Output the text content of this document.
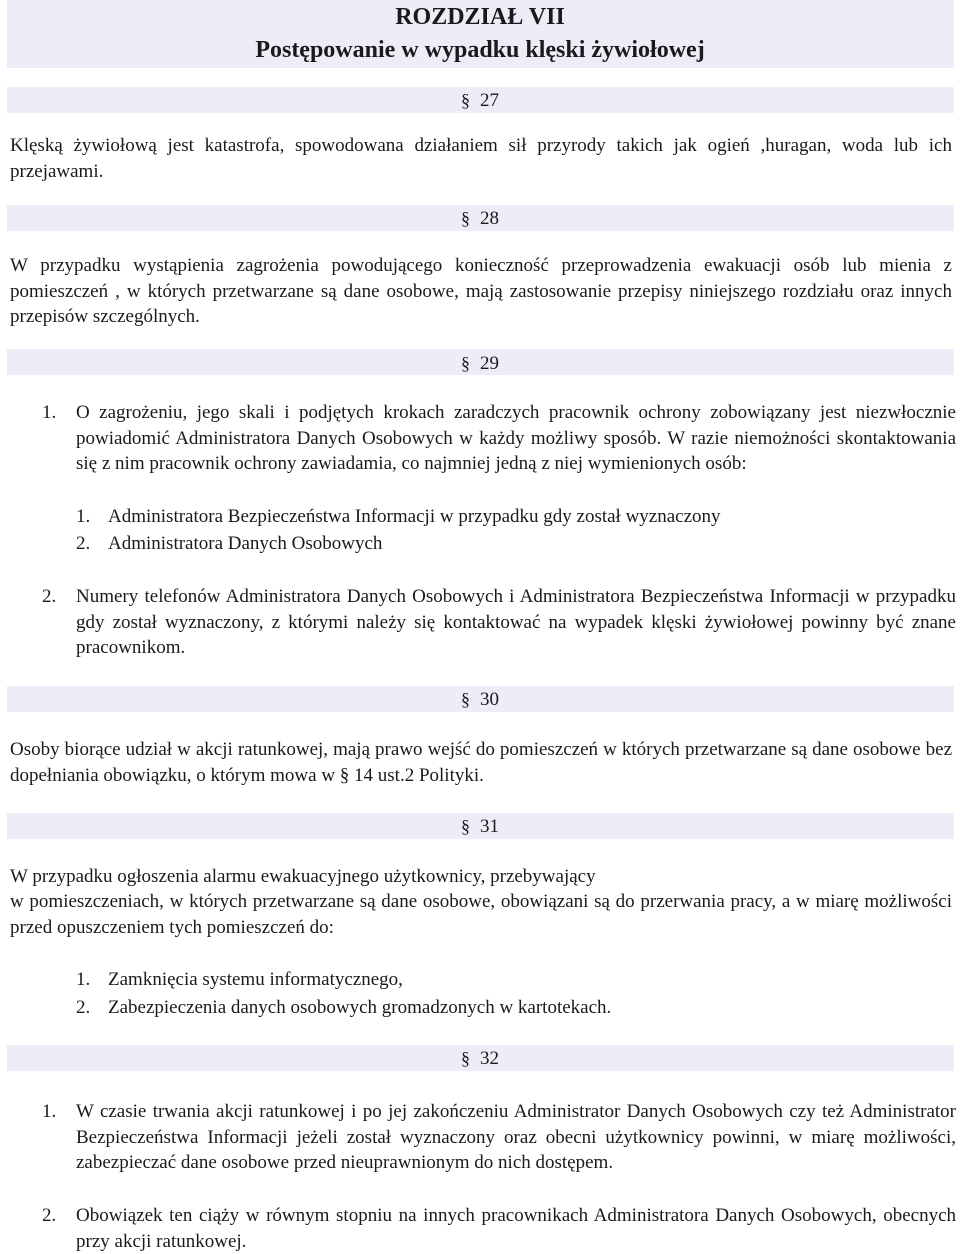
ROZDZIAŁ VII
Postępowanie w wypadku klęski żywiołowej
§ 27
Klęską żywiołową jest katastrofa, spowodowana działaniem sił przyrody takich jak ogień ,huragan, woda lub ich przejawami.
§ 28
W przypadku wystąpienia zagrożenia powodującego konieczność przeprowadzenia ewakuacji osób lub mienia z pomieszczeń , w których przetwarzane są dane osobowe, mają zastosowanie przepisy niniejszego rozdziału oraz innych przepisów szczególnych.
§ 29
1. O zagrożeniu, jego skali i podjętych krokach zaradczych pracownik ochrony zobowiązany jest niezwłocznie powiadomić Administratora Danych Osobowych w każdy możliwy sposób. W razie niemożności skontaktowania się z nim pracownik ochrony zawiadamia, co najmniej jedną z niej wymienionych osób:
1. Administratora Bezpieczeństwa Informacji w przypadku gdy został wyznaczony
2. Administratora Danych Osobowych
2. Numery telefonów Administratora Danych Osobowych i Administratora Bezpieczeństwa Informacji w przypadku gdy został wyznaczony, z którymi należy się kontaktować na wypadek klęski żywiołowej powinny być znane pracownikom.
§ 30
Osoby biorące udział w akcji ratunkowej, mają prawo wejść do pomieszczeń w których przetwarzane są dane osobowe bez dopełniania obowiązku, o którym mowa w § 14 ust.2 Polityki.
§ 31
W przypadku ogłoszenia alarmu ewakuacyjnego użytkownicy, przebywający
w pomieszczeniach, w których przetwarzane są dane osobowe, obowiązani są do przerwania pracy, a w miarę możliwości przed opuszczeniem tych pomieszczeń do:
1. Zamknięcia systemu informatycznego,
2. Zabezpieczenia danych osobowych gromadzonych w kartotekach.
§ 32
1. W czasie trwania akcji ratunkowej i po jej zakończeniu Administrator Danych Osobowych czy też Administrator Bezpieczeństwa Informacji jeżeli został wyznaczony oraz obecni użytkownicy powinni, w miarę możliwości, zabezpieczać dane osobowe przed nieuprawnionym do nich dostępem.
2. Obowiązek ten ciąży w równym stopniu na innych pracownikach Administratora Danych Osobowych, obecnych przy akcji ratunkowej.
